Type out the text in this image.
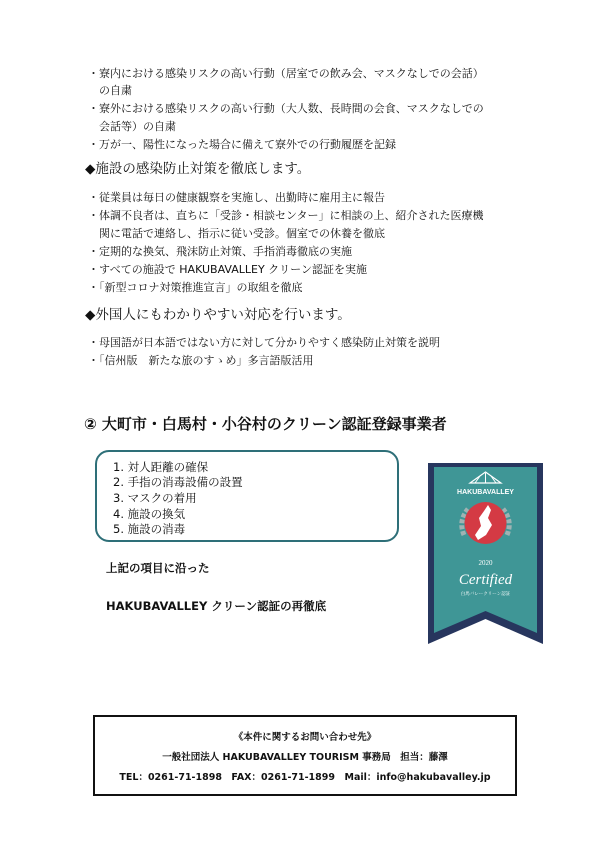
・寮内における感染リスクの高い行動（居室での飲み会、マスクなしでの会話）
　の自粛
・寮外における感染リスクの高い行動（大人数、長時間の会食、マスクなしでの
　会話等）の自粛
・万が一、陽性になった場合に備えて寮外での行動履歴を記録
◆施設の感染防止対策を徹底します。
・従業員は毎日の健康観察を実施し、出勤時に雇用主に報告
・体調不良者は、直ちに「受診・相談センター」に相談の上、紹介された医療機
　関に電話で連絡し、指示に従い受診。個室での休養を徹底
・定期的な換気、飛沫防止対策、手指消毒徹底の実施
・すべての施設で HAKUBAVALLEY クリーン認証を実施
・「新型コロナ対策推進宣言」の取組を徹底
◆外国人にもわかりやすい対応を行います。
・母国語が日本語ではない方に対して分かりやすく感染防止対策を説明
・「信州版　新たな旅のすゝめ」多言語版活用
② 大町市・白馬村・小谷村のクリーン認証登録事業者
1. 対人距離の確保
2. 手指の消毒設備の設置
3. マスクの着用
4. 施設の換気
5. 施設の消毒
上記の項目に沿った
HAKUBAVALLEY クリーン認証の再徹底
HAKUBAVALLEY
2020
Certified
白馬バレークリーン認証
《本件に関するお問い合わせ先》
一般社団法人 HAKUBAVALLEY TOURISM 事務局　担当：藤澤
TEL：0261-71-1898　FAX：0261-71-1899　Mail：info@hakubavalley.jp
